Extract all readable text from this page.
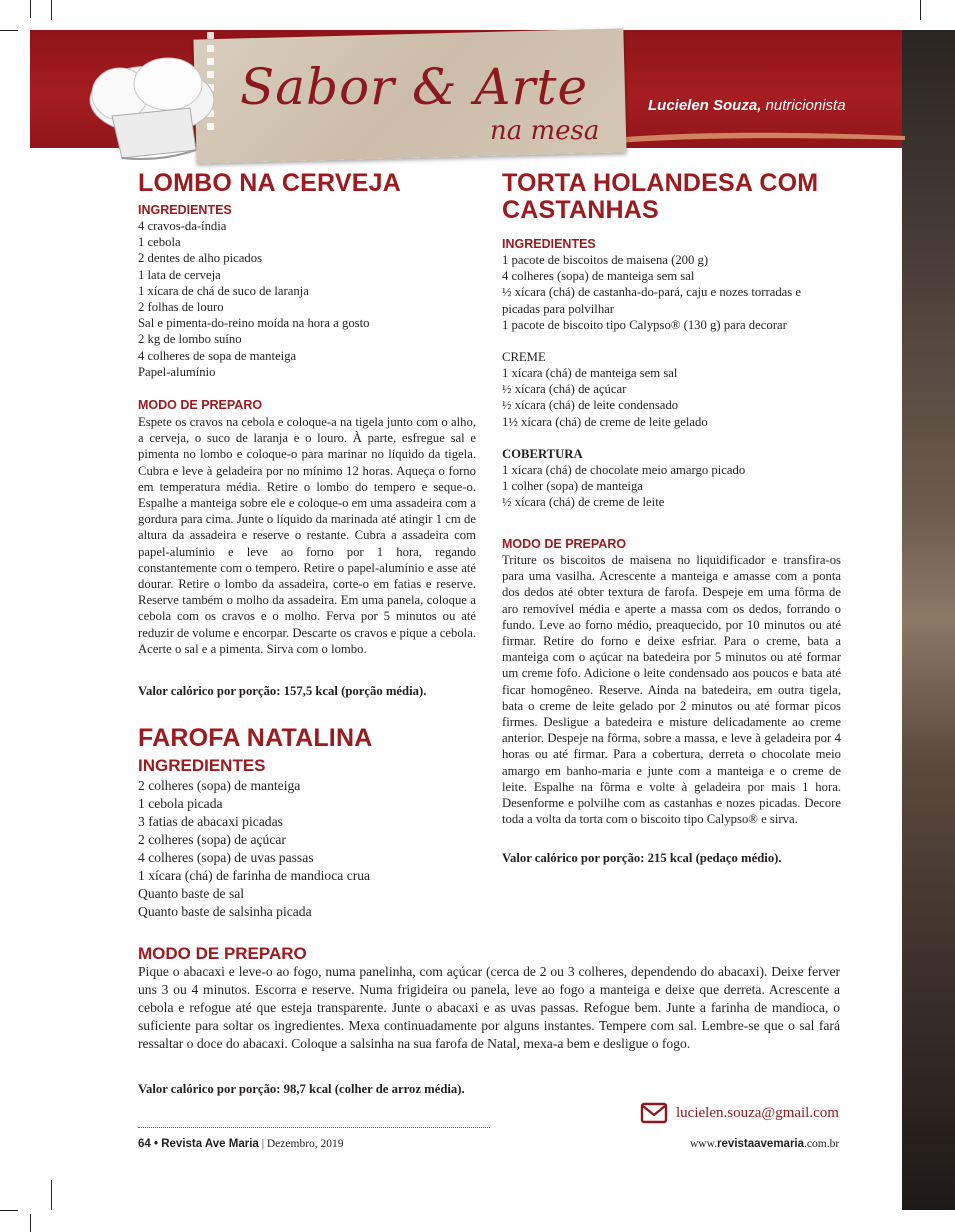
Sabor & Arte
na mesa
Lucielen Souza, nutricionista
LOMBO NA CERVEJA
INGREDIENTES
4 cravos-da-índia
1 cebola
2 dentes de alho picados
1 lata de cerveja
1 xícara de chá de suco de laranja
2 folhas de louro
Sal e pimenta-do-reino moída na hora a gosto
2 kg de lombo suíno
4 colheres de sopa de manteiga
Papel-alumínio
MODO DE PREPARO

Espete os cravos na cebola e coloque-a na tigela junto com o alho, a cerveja, o suco de laranja e o louro. À parte, esfregue sal e pimenta no lombo e coloque-o para marinar no líquido da tigela. Cubra e leve à geladeira por no mínimo 12 horas. Aqueça o forno em temperatura média. Retire o lombo do tempero e seque-o. Espalhe a manteiga sobre ele e coloque-o em uma assadeira com a gordura para cima. Junte o líquido da marinada até atingir 1 cm de altura da assadeira e reserve o restante. Cubra a assadeira com papel-alumínio e leve ao forno por 1 hora, regando constantemente com o tempero. Retire o papel-alumínio e asse até dourar. Retire o lombo da assadeira, corte-o em fatias e reserve. Reserve também o molho da assadeira. Em uma panela, coloque a cebola com os cravos e o molho. Ferva por 5 minutos ou até reduzir de volume e encorpar. Descarte os cravos e pique a cebola. Acerte o sal e a pimenta. Sirva com o lombo.

Valor calórico por porção: 157,5 kcal (porção média).

FAROFA NATALINA
INGREDIENTES
2 colheres (sopa) de manteiga
1 cebola picada
3 fatias de abacaxi picadas
2 colheres (sopa) de açúcar
4 colheres (sopa) de uvas passas
1 xícara (chá) de farinha de mandioca crua
Quanto baste de sal
Quanto baste de salsinha picada
MODO DE PREPARO

Pique o abacaxi e leve-o ao fogo, numa panelinha, com açúcar (cerca de 2 ou 3 colheres, dependendo do abacaxi). Deixe ferver uns 3 ou 4 minutos. Escorra e reserve. Numa frigideira ou panela, leve ao fogo a manteiga e deixe que derreta. Acrescente a cebola e refogue até que esteja transparente. Junte o abacaxi e as uvas passas. Refogue bem. Junte a farinha de mandioca, o suficiente para soltar os ingredientes. Mexa continuadamente por alguns instantes. Tempere com sal. Lembre-se que o sal fará ressaltar o doce do abacaxi. Coloque a salsinha na sua farofa de Natal, mexa-a bem e desligue o fogo.

Valor calórico por porção: 98,7 kcal (colher de arroz média).

TORTA HOLANDESA COM
CASTANHAS
INGREDIENTES
1 pacote de biscoitos de maisena (200 g)
4 colheres (sopa) de manteiga sem sal
½ xícara (chá) de castanha-do-pará, caju e nozes torradas e picadas para polvilhar
1 pacote de biscoito tipo Calypso® (130 g) para decorar
CREME
1 xícara (chá) de manteiga sem sal
½ xícara (chá) de açúcar
½ xícara (chá) de leite condensado
1½ xícara (chá) de creme de leite gelado
COBERTURA
1 xícara (chá) de chocolate meio amargo picado
1 colher (sopa) de manteiga
½ xícara (chá) de creme de leite
MODO DE PREPARO

Triture os biscoitos de maisena no liquidificador e transfira-os para uma vasilha. Acrescente a manteiga e amasse com a ponta dos dedos até obter textura de farofa. Despeje em uma fôrma de aro removível média e aperte a massa com os dedos, forrando o fundo. Leve ao forno médio, preaquecido, por 10 minutos ou até firmar. Retire do forno e deixe esfriar. Para o creme, bata a manteiga com o açúcar na batedeira por 5 minutos ou até formar um creme fofo. Adicione o leite condensado aos poucos e bata até ficar homogêneo. Reserve. Ainda na batedeira, em outra tigela, bata o creme de leite gelado por 2 minutos ou até formar picos firmes. Desligue a batedeira e misture delicadamente ao creme anterior. Despeje na fôrma, sobre a massa, e leve à geladeira por 4 horas ou até firmar. Para a cobertura, derreta o chocolate meio amargo em banho-maria e junte com a manteiga e o creme de leite. Espalhe na fôrma e volte à geladeira por mais 1 hora. Desenforme e polvilhe com as castanhas e nozes picadas. Decore toda a volta da torta com o biscoito tipo Calypso® e sirva.

Valor calórico por porção: 215 kcal (pedaço médio).

lucielen.souza@gmail.com
64 • Revista Ave Maria | Dezembro, 2019	www.revistaavemaria.com.br
